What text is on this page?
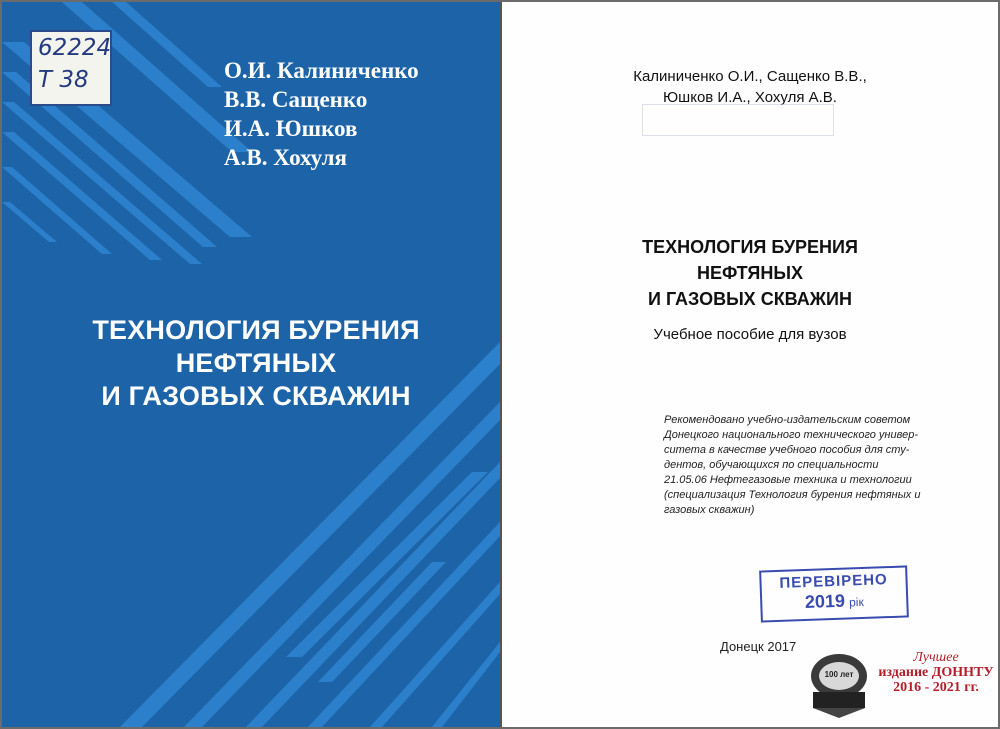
62224
Т 38	О.И. Калиниченко
В.В. Сащенко
И.А. Юшков
А.В. Хохуля
ТЕХНОЛОГИЯ БУРЕНИЯ
НЕФТЯНЫХ
И ГАЗОВЫХ СКВАЖИН
Калиниченко О.И., Сащенко В.В.,
Юшков И.А., Хохуля А.В.
ТЕХНОЛОГИЯ БУРЕНИЯ
НЕФТЯНЫХ
И ГАЗОВЫХ СКВАЖИН
Учебное пособие для вузов
Рекомендовано учебно-издательским советом
Донецкого национального технического универ-
ситета в качестве учебного пособия для сту-
дентов, обучающихся по специальности
21.05.06 Нефтегазовые техника и технологии
(специализация Технология бурения нефтяных и
газовых скважин)
ПЕРЕВІРЕНО
2019 рік
Донецк 2017
100 лет
Лучшее
издание ДОННТУ
2016 - 2021 гг.
